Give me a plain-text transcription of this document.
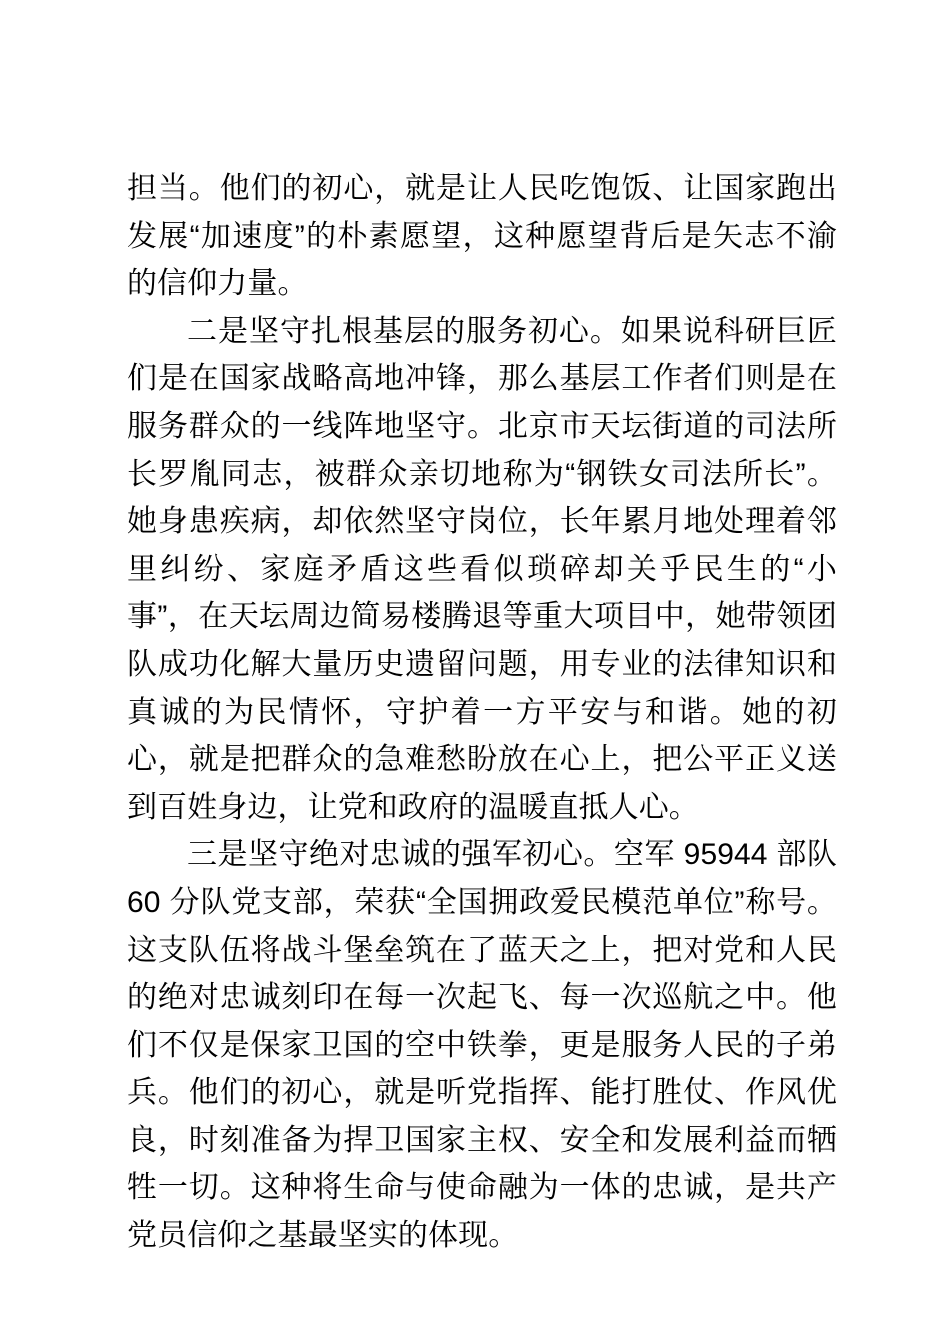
担当。他们的初心，就是让人民吃饱饭、让国家跑出发展“加速度”的朴素愿望，这种愿望背后是矢志不渝的信仰力量。

二是坚守扎根基层的服务初心。如果说科研巨匠们是在国家战略高地冲锋，那么基层工作者们则是在服务群众的一线阵地坚守。北京市天坛街道的司法所长罗胤同志，被群众亲切地称为“钢铁女司法所长”。她身患疾病，却依然坚守岗位，长年累月地处理着邻里纠纷、家庭矛盾这些看似琐碎却关乎民生的“小事”，在天坛周边简易楼腾退等重大项目中，她带领团队成功化解大量历史遗留问题，用专业的法律知识和真诚的为民情怀，守护着一方平安与和谐。她的初心，就是把群众的急难愁盼放在心上，把公平正义送到百姓身边，让党和政府的温暖直抵人心。

三是坚守绝对忠诚的强军初心。空军 95944 部队 60 分队党支部，荣获“全国拥政爱民模范单位”称号。这支队伍将战斗堡垒筑在了蓝天之上，把对党和人民的绝对忠诚刻印在每一次起飞、每一次巡航之中。他们不仅是保家卫国的空中铁拳，更是服务人民的子弟兵。他们的初心，就是听党指挥、能打胜仗、作风优良，时刻准备为捍卫国家主权、安全和发展利益而牺牲一切。这种将生命与使命融为一体的忠诚，是共产党员信仰之基最坚实的体现。
